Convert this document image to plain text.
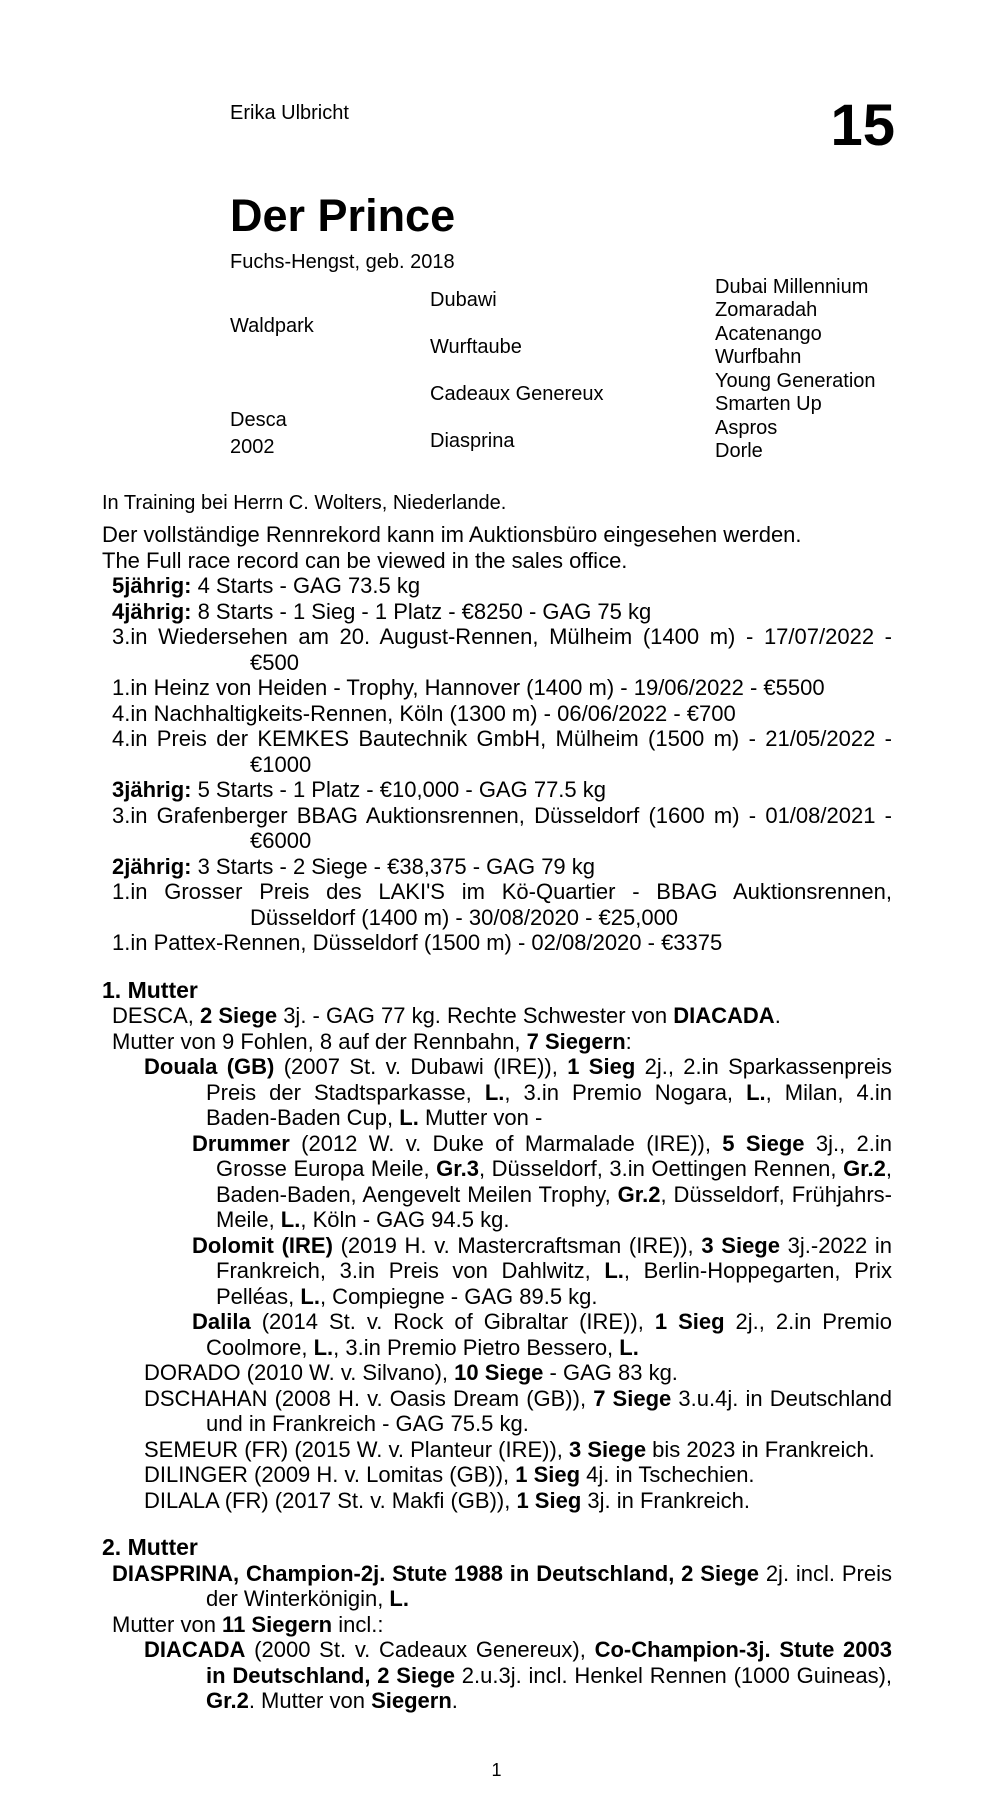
Erika Ulbricht	15
Der Prince
Fuchs-Hengst, geb. 2018
Waldpark
Desca
2002
Dubawi
Wurftaube
Cadeaux Genereux
Diasprina
Dubai Millennium
Zomaradah
Acatenango
Wurfbahn
Young Generation
Smarten Up
Aspros
Dorle
In Training bei Herrn C. Wolters, Niederlande.
Der vollständige Rennrekord kann im Auktionsbüro eingesehen werden.
The Full race record can be viewed in the sales office.
5jährig: 4 Starts - GAG 73.5 kg
4jährig: 8 Starts - 1 Sieg - 1 Platz - €8250 - GAG 75 kg
3.in Wiedersehen am 20. August-Rennen, Mülheim (1400 m) - 17/07/2022 - €500
1.in Heinz von Heiden - Trophy, Hannover (1400 m) - 19/06/2022 - €5500
4.in Nachhaltigkeits-Rennen, Köln (1300 m) - 06/06/2022 - €700
4.in Preis der KEMKES Bautechnik GmbH, Mülheim (1500 m) - 21/05/2022 - €1000
3jährig: 5 Starts - 1 Platz - €10,000 - GAG 77.5 kg
3.in Grafenberger BBAG Auktionsrennen, Düsseldorf (1600 m) - 01/08/2021 - €6000
2jährig: 3 Starts - 2 Siege - €38,375 - GAG 79 kg
1.in Grosser Preis des LAKI'S im Kö-Quartier - BBAG Auktionsrennen, Düsseldorf (1400 m) - 30/08/2020 - €25,000
1.in Pattex-Rennen, Düsseldorf (1500 m) - 02/08/2020 - €3375
1. Mutter
DESCA, 2 Siege 3j. - GAG 77 kg. Rechte Schwester von DIACADA.
Mutter von 9 Fohlen, 8 auf der Rennbahn, 7 Siegern:
Douala (GB) (2007 St. v. Dubawi (IRE)), 1 Sieg 2j., 2.in Sparkassenpreis Preis der Stadtsparkasse, L., 3.in Premio Nogara, L., Milan, 4.in Baden-Baden Cup, L. Mutter von -
Drummer (2012 W. v. Duke of Marmalade (IRE)), 5 Siege 3j., 2.in Grosse Europa Meile, Gr.3, Düsseldorf, 3.in Oettingen Rennen, Gr.2, Baden-Baden, Aengevelt Meilen Trophy, Gr.2, Düsseldorf, Frühjahrs-Meile, L., Köln - GAG 94.5 kg.
Dolomit (IRE) (2019 H. v. Mastercraftsman (IRE)), 3 Siege 3j.-2022 in Frankreich, 3.in Preis von Dahlwitz, L., Berlin-Hoppegarten, Prix Pelléas, L., Compiegne - GAG 89.5 kg.
Dalila (2014 St. v. Rock of Gibraltar (IRE)), 1 Sieg 2j., 2.in Premio Coolmore, L., 3.in Premio Pietro Bessero, L.
DORADO (2010 W. v. Silvano), 10 Siege - GAG 83 kg.
DSCHAHAN (2008 H. v. Oasis Dream (GB)), 7 Siege 3.u.4j. in Deutschland und in Frankreich - GAG 75.5 kg.
SEMEUR (FR) (2015 W. v. Planteur (IRE)), 3 Siege bis 2023 in Frankreich.
DILINGER (2009 H. v. Lomitas (GB)), 1 Sieg 4j. in Tschechien.
DILALA (FR) (2017 St. v. Makfi (GB)), 1 Sieg 3j. in Frankreich.
2. Mutter
DIASPRINA, Champion-2j. Stute 1988 in Deutschland, 2 Siege 2j. incl. Preis der Winterkönigin, L.
Mutter von 11 Siegern incl.:
DIACADA (2000 St. v. Cadeaux Genereux), Co-Champion-3j. Stute 2003 in Deutschland, 2 Siege 2.u.3j. incl. Henkel Rennen (1000 Guineas), Gr.2. Mutter von Siegern.
1
